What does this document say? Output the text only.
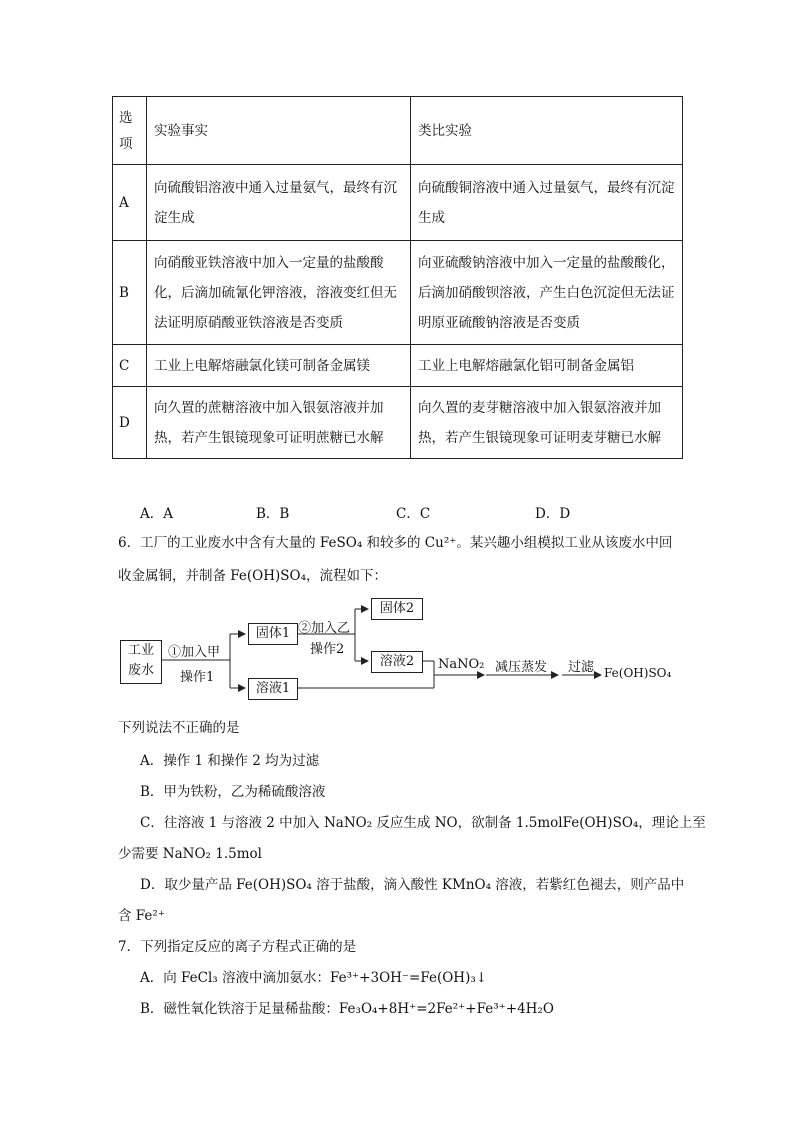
选项	实验事实	类比实验
A	向硫酸铝溶液中通入过量氨气，最终有沉淀生成	向硫酸铜溶液中通入过量氨气，最终有沉淀生成
B	向硝酸亚铁溶液中加入一定量的盐酸酸化，后滴加硫氰化钾溶液，溶液变红但无法证明原硝酸亚铁溶液是否变质	向亚硫酸钠溶液中加入一定量的盐酸酸化，后滴加硝酸钡溶液，产生白色沉淀但无法证明原亚硫酸钠溶液是否变质
C	工业上电解熔融氯化镁可制备金属镁	工业上电解熔融氯化铝可制备金属铝
D	向久置的蔗糖溶液中加入银氨溶液并加热，若产生银镜现象可证明蔗糖已水解	向久置的麦芽糖溶液中加入银氨溶液并加热，若产生银镜现象可证明麦芽糖已水解
A．A	B．B	C．C	D．D
6．工厂的工业废水中含有大量的 FeSO₄ 和较多的 Cu²⁺。某兴趣小组模拟工业从该废水中回
收金属铜，并制备 Fe(OH)SO₄，流程如下：
工业废水
①加入甲
操作1
固体1
溶液1
②加入乙
操作2
固体2
溶液2	NaNO₂ 减压蒸发 过滤 Fe(OH)SO₄
下列说法不正确的是
A．操作 1 和操作 2 均为过滤
B．甲为铁粉，乙为稀硫酸溶液
C．往溶液 1 与溶液 2 中加入 NaNO₂ 反应生成 NO，欲制备 1.5molFe(OH)SO₄，理论上至
少需要 NaNO₂ 1.5mol
D．取少量产品 Fe(OH)SO₄ 溶于盐酸，滴入酸性 KMnO₄ 溶液，若紫红色褪去，则产品中
含 Fe²⁺
7．下列指定反应的离子方程式正确的是
A．向 FeCl₃ 溶液中滴加氨水：Fe³⁺+3OH⁻=Fe(OH)₃↓
B．磁性氧化铁溶于足量稀盐酸：Fe₃O₄+8H⁺=2Fe²⁺+Fe³⁺+4H₂O
